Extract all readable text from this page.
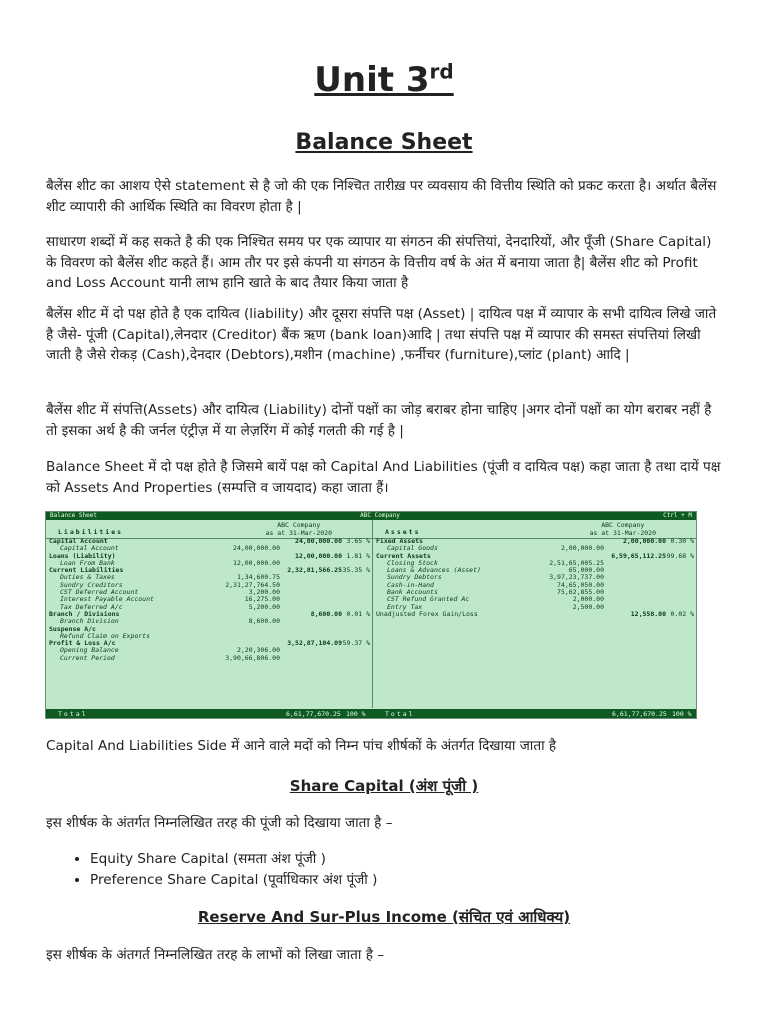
Unit 3rd
Balance Sheet
बैलेंस शीट का आशय ऐसे statement से है जो की एक निश्चित तारीख़ पर व्यवसाय की वित्तीय स्थिति को प्रकट करता है। अर्थात बैलेंस शीट व्यापारी की आर्थिक स्थिति का विवरण होता है |
साधारण शब्दों में कह सकते है की एक निश्चित समय पर एक व्यापार या संगठन की संपत्तियां, देनदारियों, और पूँजी (Share Capital) के विवरण को बैलेंस शीट कहते हैं। आम तौर पर इसे कंपनी या संगठन के वित्तीय वर्ष के अंत में बनाया जाता है| बैलेंस शीट को Profit and Loss Account यानी लाभ हानि खाते के बाद तैयार किया जाता है
बैलेंस शीट में दो पक्ष होते है एक दायित्व (liability) और दूसरा संपत्ति पक्ष (Asset) | दायित्व पक्ष में व्यापार के सभी दायित्व लिखे जाते है जैसे- पूंजी (Capital),लेनदार (Creditor) बैंक ऋण (bank loan)आदि | तथा संपत्ति पक्ष में व्यापार की समस्त संपत्तियां लिखी जाती है जैसे रोकड़ (Cash),देनदार (Debtors),मशीन (machine) ,फर्नीचर (furniture),प्लांट (plant) आदि |
बैलेंस शीट में संपत्ति(Assets) और दायित्व (Liability) दोनों पक्षों का जोड़ बराबर होना चाहिए |अगर दोनों पक्षों का योग बराबर नहीं है तो इसका अर्थ है की जर्नल एंट्रीज़ में या लेज़रिंग में कोई गलती की गई है |
Balance Sheet में दो पक्ष होते है जिसमे बायें पक्ष को Capital And Liabilities (पूंजी व दायित्व पक्ष) कहा जाता है तथा दायें पक्ष को Assets And Properties (सम्पत्ति व जायदाद) कहा जाता हैं।
Balance Sheet	ABC Company	Ctrl + M
Liabilities
ABC Company
as at 31-Mar-2020	Assets
ABC Company
as at 31-Mar-2020
Capital Account	24,00,000.00 3.65 %
Capital Account	24,00,000.00
Loans (Liability)	12,00,000.00 1.81 %
Loan From Bank	12,00,000.00
Current Liabilities	2,32,81,566.25 35.35 %
Duties & Taxes	1,34,600.75
Sundry Creditors	2,31,27,764.50
CST Deferred Account	3,200.00
Interest Payable Account	16,275.00
Tax Deferred A/c	5,200.00
Branch / Divisions	8,600.00 0.01 %
Branch Division	8,600.00
Suspense A/c
Refund Claim on Exports
Profit & Loss A/c	3,52,87,104.09 59.37 %
Opening Balance	2,20,306.00
Current Period	3,90,66,806.00
Fixed Assets	2,00,000.00 0.30 %
Capital Goods	2,00,000.00
Current Assets	6,59,65,112.25 99.68 %
Closing Stock	2,51,65,005.25
Loans & Advances (Asset)	65,000.00
Sundry Debtors	3,97,23,737.00
Cash-in-Hand	74,65,050.00
Bank Accounts	75,62,855.00
CST Refund Granted Ac	2,000.00
Entry Tax	2,500.00
Unadjusted Forex Gain/Loss	12,558.00 0.02 %
Total	6,61,77,670.25 100 %	Total	6,61,77,670.25 100 %
Capital And Liabilities Side में आने वाले मदों को निम्न पांच शीर्षकों के अंतर्गत दिखाया जाता है
Share Capital (अंश पूंजी )
इस शीर्षक के अंतर्गत निम्नलिखित तरह की पूंजी को दिखाया जाता है –
• Equity Share Capital (समता अंश पूंजी )
• Preference Share Capital (पूर्वाधिकार अंश पूंजी )
Reserve And Sur-Plus Income (संचित एवं आधिक्य)
इस शीर्षक के अंतगर्त निम्नलिखित तरह के लाभों को लिखा जाता है –
